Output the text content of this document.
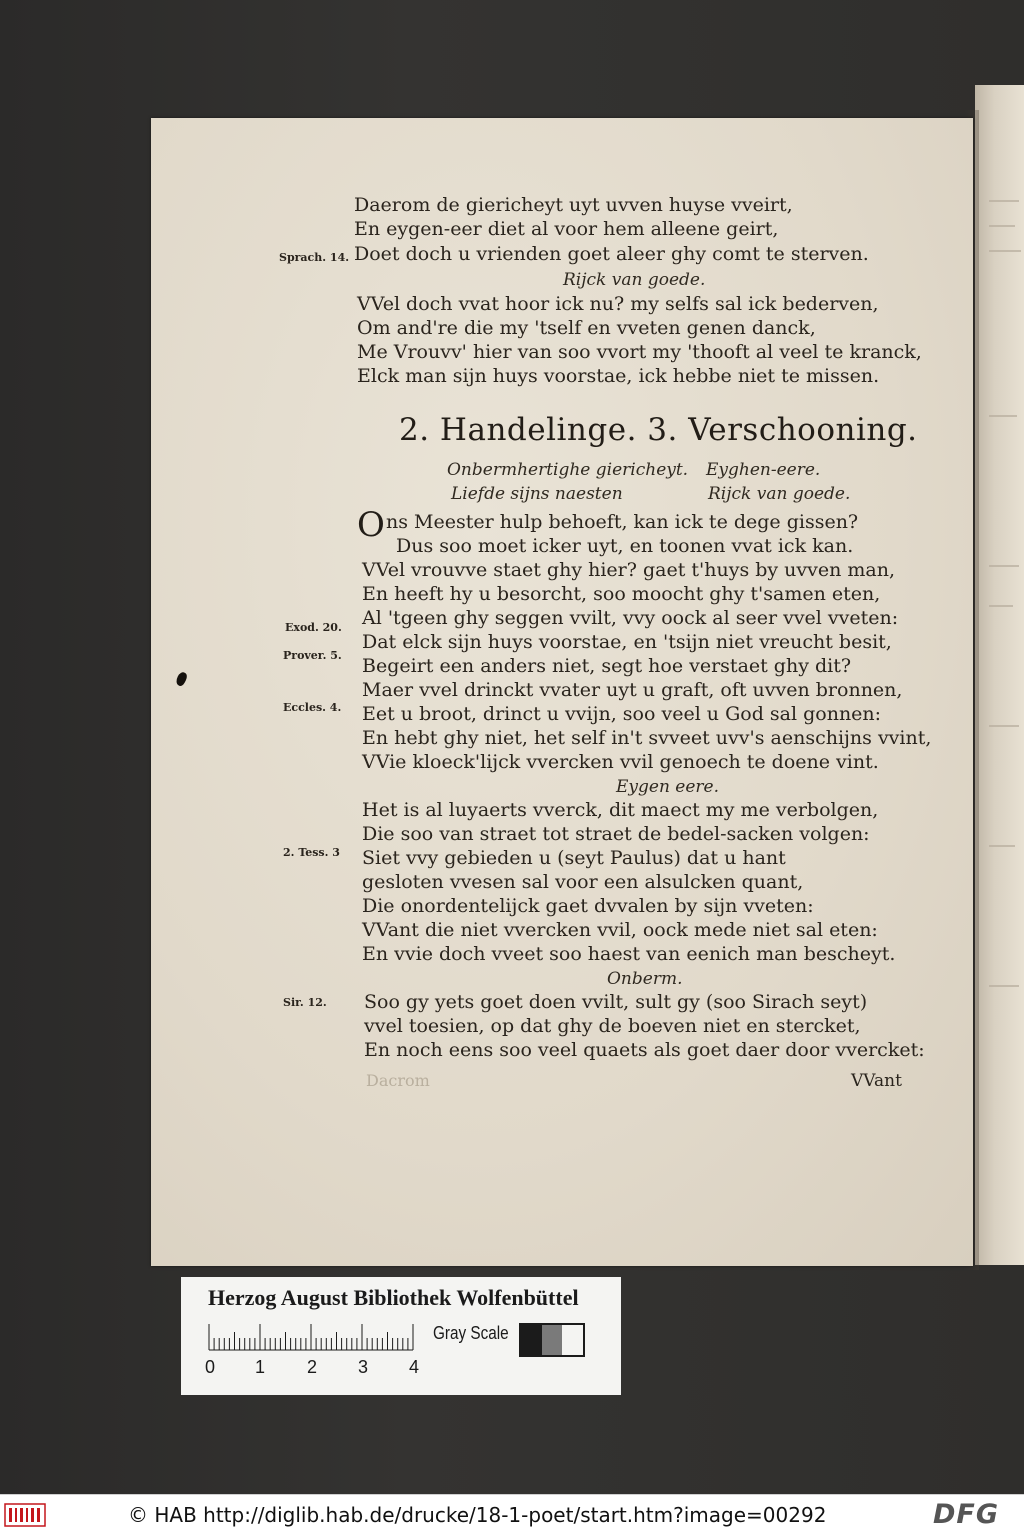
Daerom de giericheyt uyt uvven huyse vveirt,
En eygen-eer diet al voor hem alleene geirt,
Sprach. 14. Doet doch u vrienden goet aleer ghy comt te sterven.
Rijck van goede.
VVel doch vvat hoor ick nu? my selfs sal ick bederven,
Om and're die my 'tself en vveten genen danck,
Me Vrouvv' hier van soo vvort my 'thooft al veel te kranck,
Elck man sijn huys voorstae, ick hebbe niet te missen.
2. Handelinge. 3. Verschooning.
Onbermhertighe giericheyt. Eyghen-eere.
Liefde sijns naesten	Rijck van goede.
O ns Meester hulp behoeft, kan ick te dege gissen?
Dus soo moet icker uyt, en toonen vvat ick kan.
VVel vrouvve staet ghy hier? gaet t'huys by uvven man,
En heeft hy u besorcht, soo moocht ghy t'samen eten,
Exod. 20. Al 'tgeen ghy seggen vvilt, vvy oock al seer vvel vveten:
Prover. 5.
Dat elck sijn huys voorstae, en 'tsijn niet vreucht besit,
Begeirt een anders niet, segt hoe verstaet ghy dit?
Maer vvel drinckt vvater uyt u graft, oft uvven bronnen,
Eccles. 4. Eet u broot, drinct u vvijn, soo veel u God sal gonnen:
En hebt ghy niet, het self in't svveet uvv's aenschijns vvint,
VVie kloeck'lijck vvercken vvil genoech te doene vint.
Eygen eere.
Het is al luyaerts vverck, dit maect my me verbolgen,
Die soo van straet tot straet de bedel-sacken volgen:
2. Tess. 3 Siet vvy gebieden u (seyt Paulus) dat u hant
gesloten vvesen sal voor een alsulcken quant,
Die onordentelijck gaet dvvalen by sijn vveten:
VVant die niet vvercken vvil, oock mede niet sal eten:
En vvie doch vveet soo haest van eenich man bescheyt.
Onberm.
Sir. 12. Soo gy yets goet doen vvilt, sult gy (soo Sirach seyt)
vvel toesien, op dat ghy de boeven niet en stercket,
En noch eens soo veel quaets als goet daer door vvercket:
Dacrom	VVant
Herzog August Bibliothek Wolfenbüttel
0 1 2 3 4
Gray Scale
© HAB http://diglib.hab.de/drucke/18-1-poet/start.htm?image=00292	DFG
